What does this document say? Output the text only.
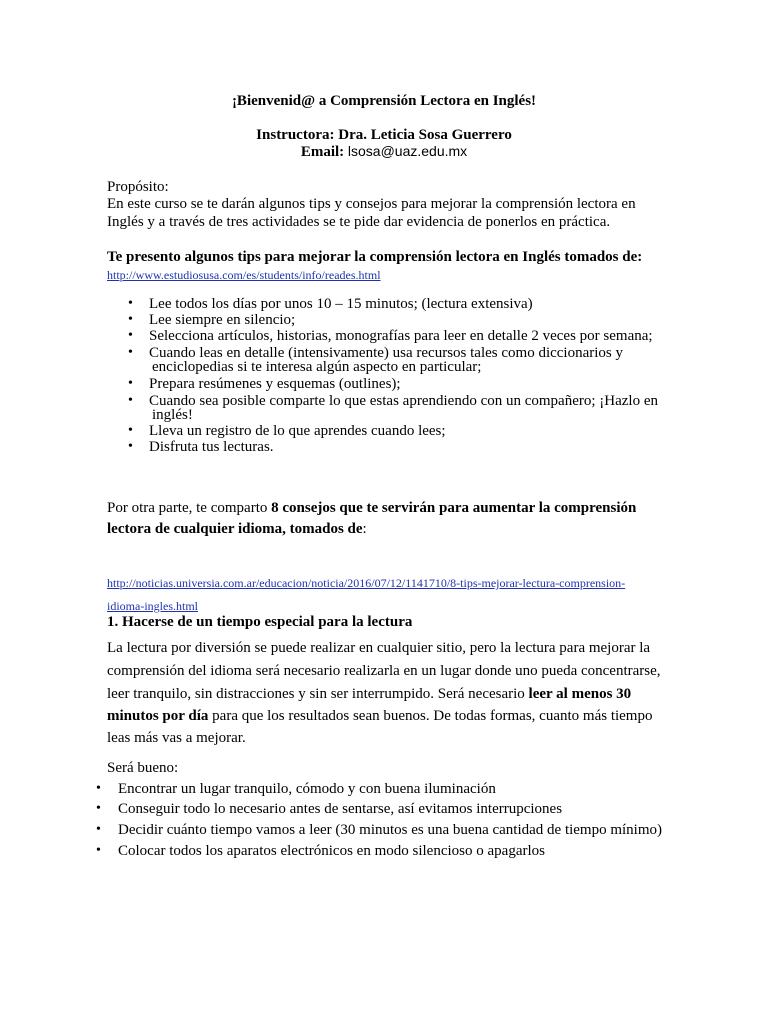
¡Bienvenid@ a Comprensión Lectora en Inglés!
Instructora: Dra. Leticia Sosa Guerrero
Email: lsosa@uaz.edu.mx
Propósito:
En este curso se te darán algunos tips y consejos para mejorar la comprensión lectora en
Inglés y a través de tres actividades se te pide dar evidencia de ponerlos en práctica.
Te presento algunos tips para mejorar la comprensión lectora en Inglés tomados de:
http://www.estudiosusa.com/es/students/info/reades.html
• Lee todos los días por unos 10 – 15 minutos; (lectura extensiva)
• Lee siempre en silencio;
• Selecciona artículos, historias, monografías para leer en detalle 2 veces por semana;
• Cuando leas en detalle (intensivamente) usa recursos tales como diccionarios y
enciclopedias si te interesa algún aspecto en particular;
• Prepara resúmenes y esquemas (outlines);
• Cuando sea posible comparte lo que estas aprendiendo con un compañero; ¡Hazlo en
inglés!
• Lleva un registro de lo que aprendes cuando lees;
• Disfruta tus lecturas.
Por otra parte, te comparto 8 consejos que te servirán para aumentar la comprensión
lectora de cualquier idioma, tomados de:
http://noticias.universia.com.ar/educacion/noticia/2016/07/12/1141710/8-tips-mejorar-lectura-comprension-
idioma-ingles.html
1. Hacerse de un tiempo especial para la lectura
La lectura por diversión se puede realizar en cualquier sitio, pero la lectura para mejorar la
comprensión del idioma será necesario realizarla en un lugar donde uno pueda concentrarse,
leer tranquilo, sin distracciones y sin ser interrumpido. Será necesario leer al menos 30
minutos por día para que los resultados sean buenos. De todas formas, cuanto más tiempo
leas más vas a mejorar.
Será bueno:
• Encontrar un lugar tranquilo, cómodo y con buena iluminación
• Conseguir todo lo necesario antes de sentarse, así evitamos interrupciones
• Decidir cuánto tiempo vamos a leer (30 minutos es una buena cantidad de tiempo mínimo)
• Colocar todos los aparatos electrónicos en modo silencioso o apagarlos
